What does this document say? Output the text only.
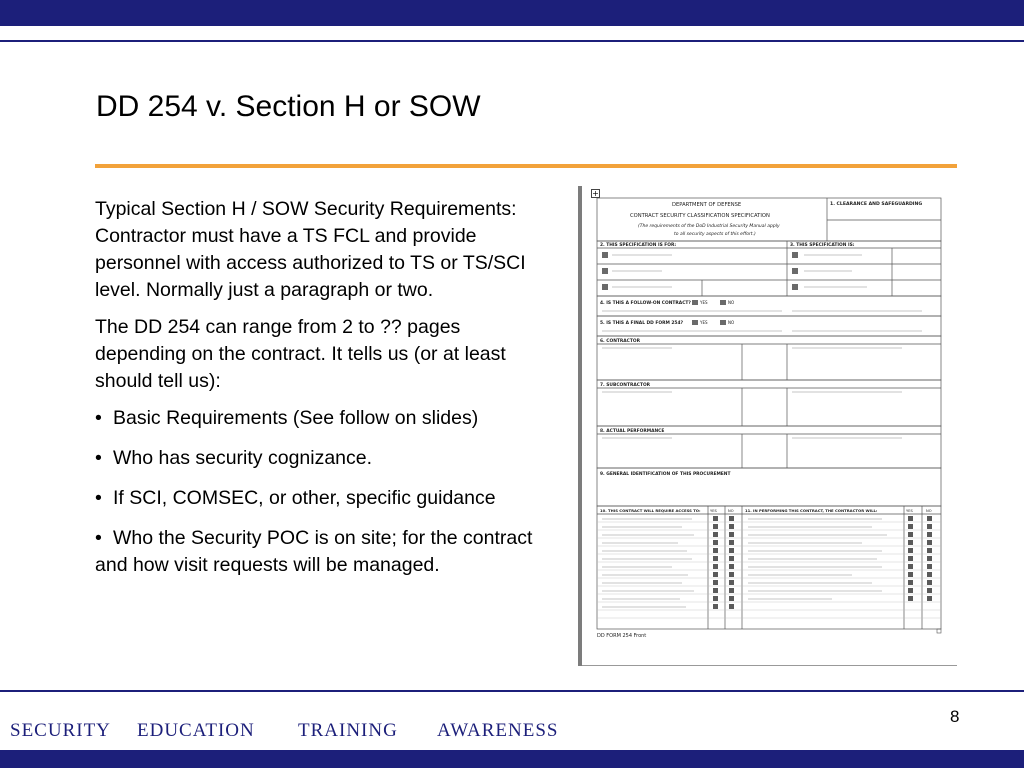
DD 254 v. Section H or SOW

Typical Section H / SOW Security Requirements: Contractor must have a TS FCL and provide personnel with access authorized to TS or TS/SCI level. Normally just a paragraph or two.

The DD 254 can range from 2 to ?? pages depending on the contract. It tells us (or at least should tell us):

• Basic Requirements (See follow on slides)
• Who has security cognizance.
• If SCI, COMSEC, or other, specific guidance
• Who the Security POC is on site; for the contract and how visit requests will be managed.
+
DEPARTMENT OF DEFENSE
CONTRACT SECURITY CLASSIFICATION SPECIFICATION
(The requirements of the DoD Industrial Security Manual apply
to all security aspects of this effort.)
1. CLEARANCE AND SAFEGUARDING
2. THIS SPECIFICATION IS FOR:	3. THIS SPECIFICATION IS:
4. IS THIS A FOLLOW-ON CONTRACT? YES	NO
5. IS THIS A FINAL DD FORM 254?	YES	NO
6. CONTRACTOR
7. SUBCONTRACTOR
8. ACTUAL PERFORMANCE
9. GENERAL IDENTIFICATION OF THIS PROCUREMENT
10. THIS CONTRACT WILL REQUIRE ACCESS TO:	11. IN PERFORMING THIS CONTRACT, THE CONTRACTOR WILL:
YES	NO	YES	NO
DD FORM 254 Front
8
SECURITY EDUCATION TRAINING AWARENESS
